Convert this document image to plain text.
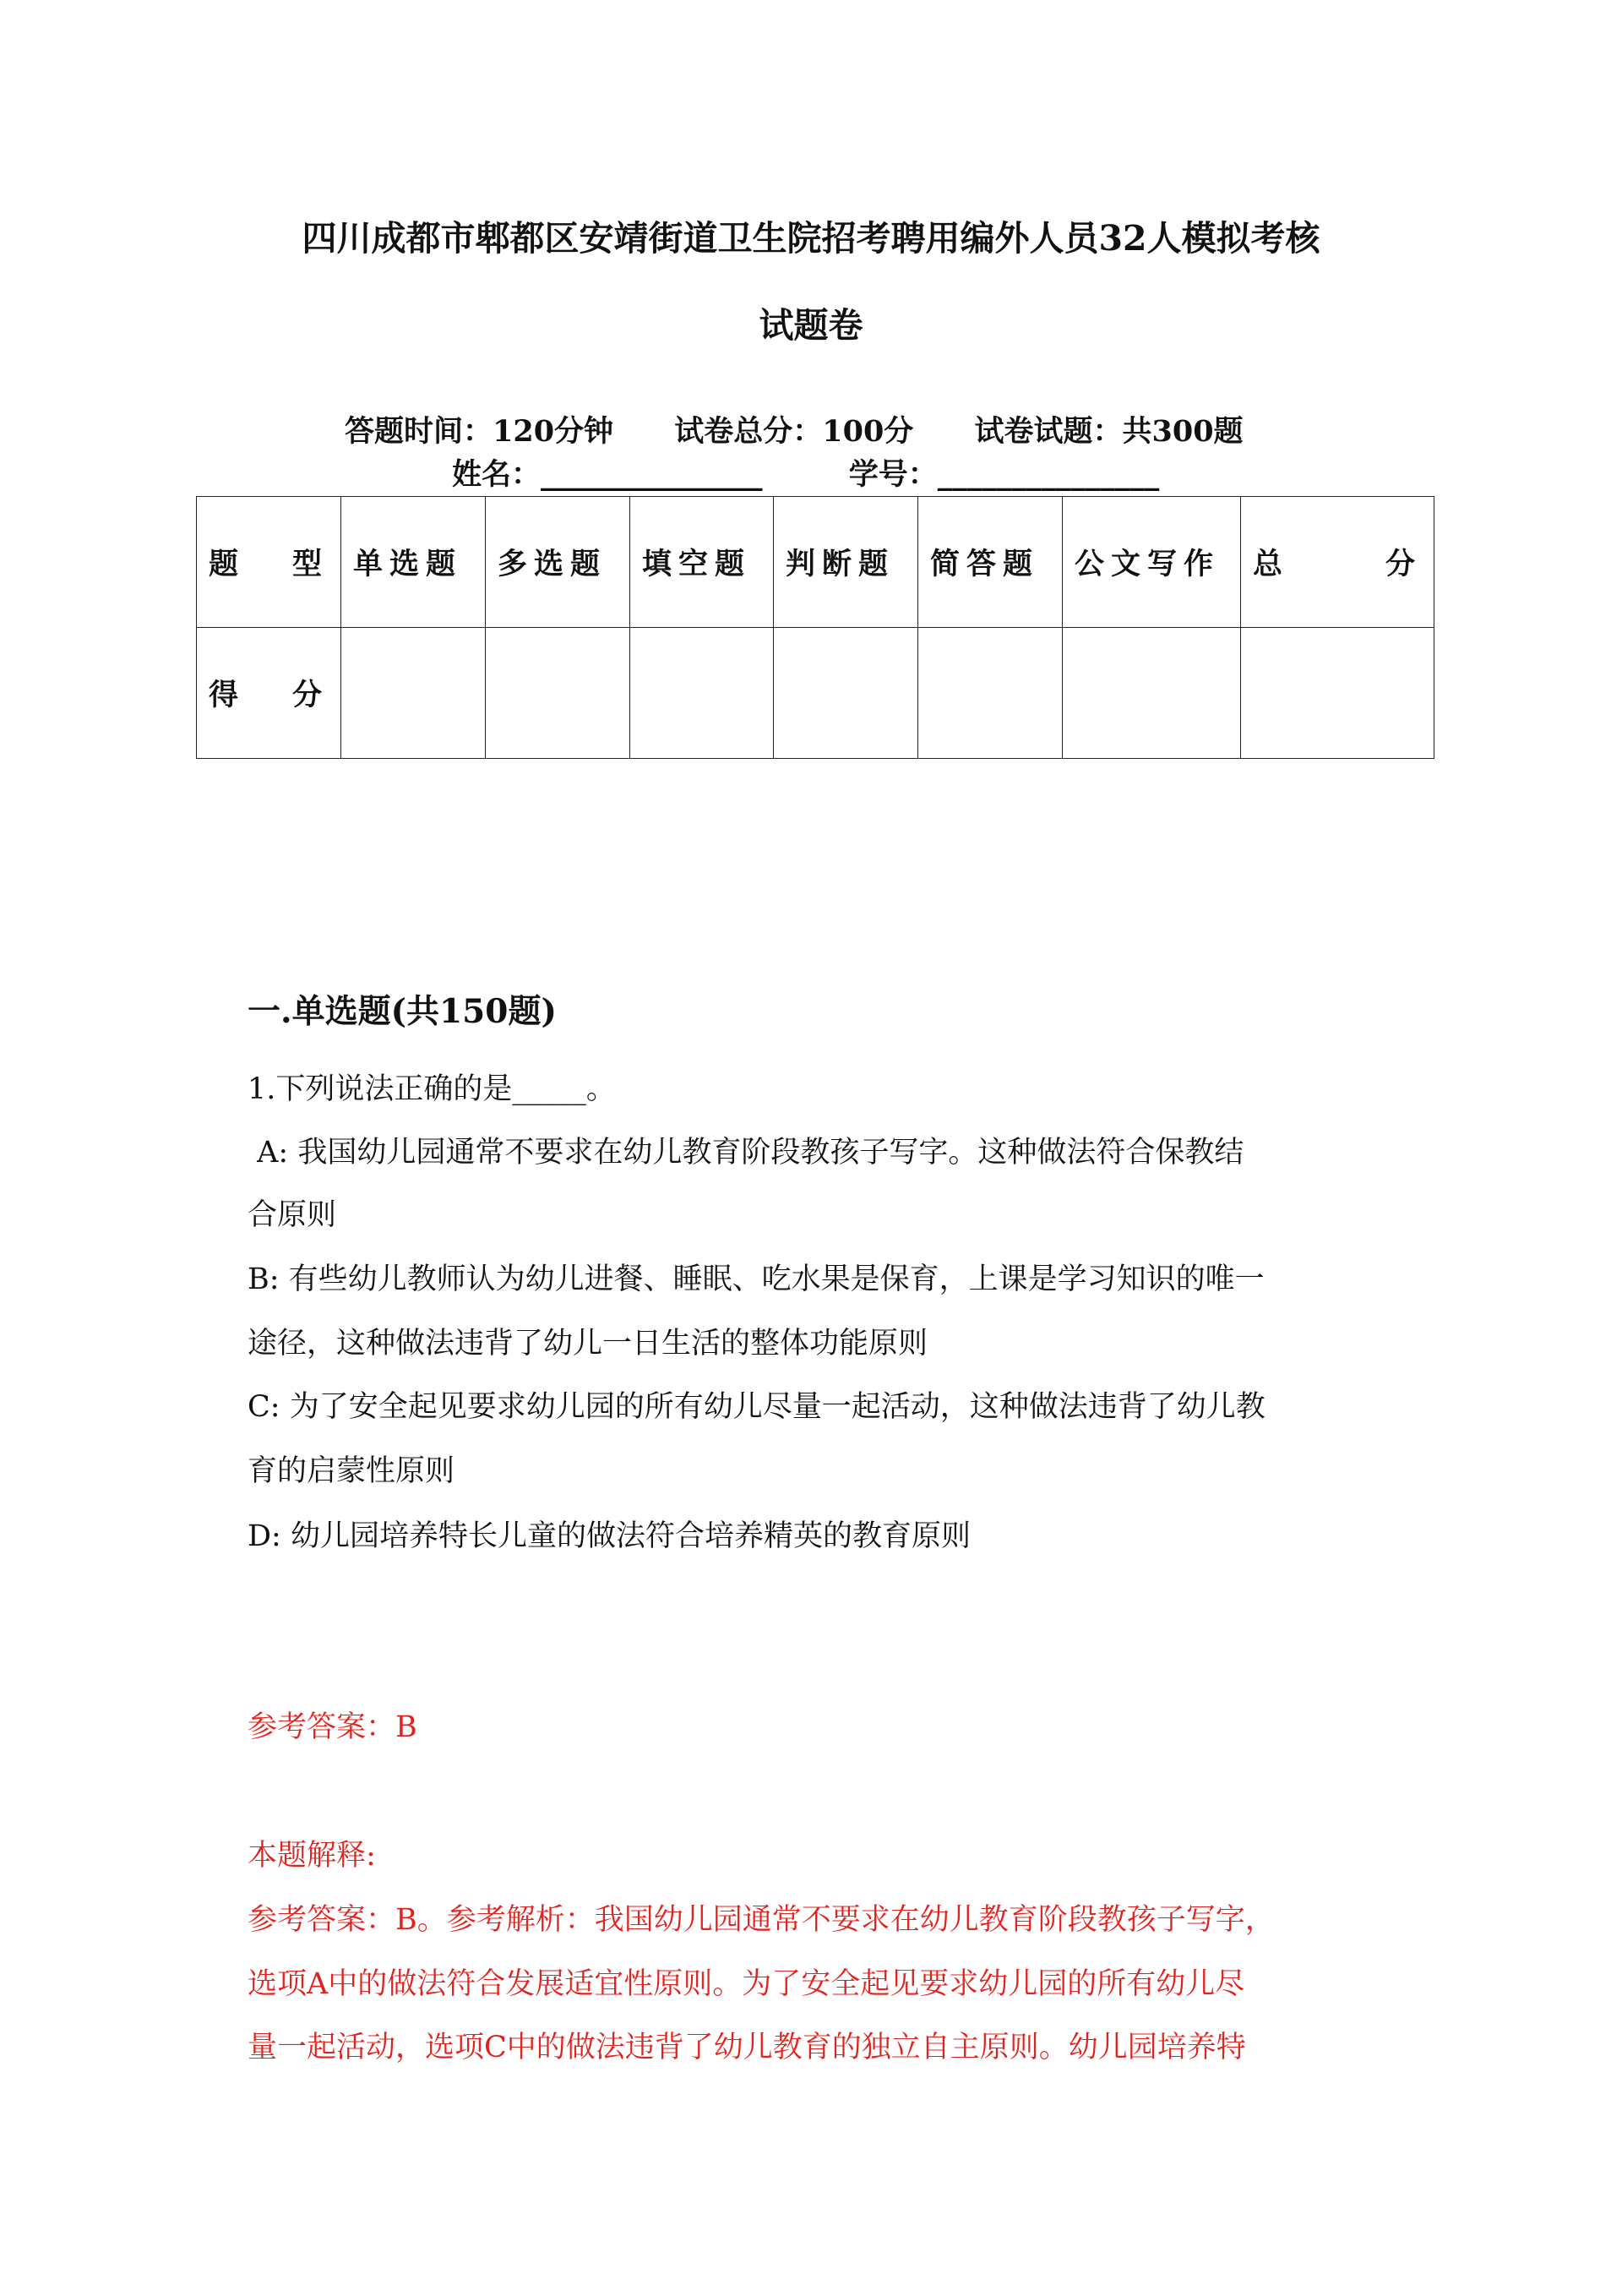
四川成都市郫都区安靖街道卫生院招考聘用编外人员32人模拟考核
试题卷
答题时间：120分钟 试卷总分：100分 试卷试题：共300题
姓名：_______________	学号：_______________
题　型	单选题	多选题	填空题	判断题	简答题	公文写作	总　　分
得　分							
一.单选题(共150题)
1.下列说法正确的是_____。
A: 我国幼儿园通常不要求在幼儿教育阶段教孩子写字。这种做法符合保教结
合原则
B: 有些幼儿教师认为幼儿进餐、睡眠、吃水果是保育，上课是学习知识的唯一
途径，这种做法违背了幼儿一日生活的整体功能原则
C: 为了安全起见要求幼儿园的所有幼儿尽量一起活动，这种做法违背了幼儿教
育的启蒙性原则
D: 幼儿园培养特长儿童的做法符合培养精英的教育原则
参考答案：B
本题解释:
参考答案：B。参考解析：我国幼儿园通常不要求在幼儿教育阶段教孩子写字，
选项A中的做法符合发展适宜性原则。为了安全起见要求幼儿园的所有幼儿尽
量一起活动，选项C中的做法违背了幼儿教育的独立自主原则。幼儿园培养特
